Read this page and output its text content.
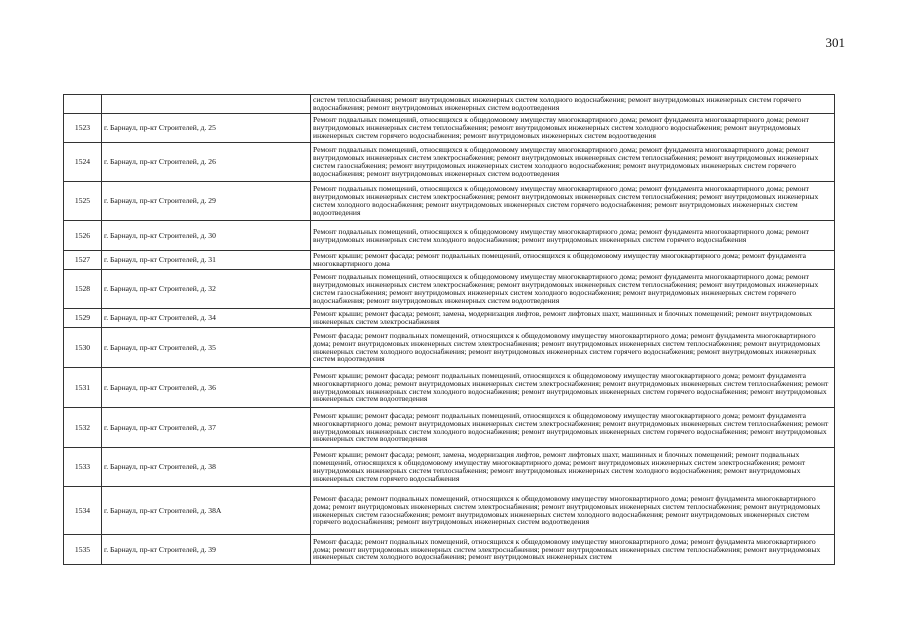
301
		систем теплоснабжения; ремонт внутридомовых инженерных систем холодного водоснабжения; ремонт внутридомовых инженерных систем горячего водоснабжения; ремонт внутридомовых инженерных систем водоотведения
1523	г. Барнаул, пр-кт Строителей, д. 25	Ремонт подвальных помещений, относящихся к общедомовому имуществу многоквартирного дома; ремонт фундамента многоквартирного дома; ремонт внутридомовых инженерных систем теплоснабжения; ремонт внутридомовых инженерных систем холодного водоснабжения; ремонт внутридомовых инженерных систем горячего водоснабжения; ремонт внутридомовых инженерных систем водоотведения
1524	г. Барнаул, пр-кт Строителей, д. 26	Ремонт подвальных помещений, относящихся к общедомовому имуществу многоквартирного дома; ремонт фундамента многоквартирного дома; ремонт внутридомовых инженерных систем электроснабжения; ремонт внутридомовых инженерных систем теплоснабжения; ремонт внутридомовых инженерных систем газоснабжения; ремонт внутридомовых инженерных систем холодного водоснабжения; ремонт внутридомовых инженерных систем горячего водоснабжения; ремонт внутридомовых инженерных систем водоотведения
1525	г. Барнаул, пр-кт Строителей, д. 29	Ремонт подвальных помещений, относящихся к общедомовому имуществу многоквартирного дома; ремонт фундамента многоквартирного дома; ремонт внутридомовых инженерных систем электроснабжения; ремонт внутридомовых инженерных систем теплоснабжения; ремонт внутридомовых инженерных систем холодного водоснабжения; ремонт внутридомовых инженерных систем горячего водоснабжения; ремонт внутридомовых инженерных систем водоотведения
1526	г. Барнаул, пр-кт Строителей, д. 30	Ремонт подвальных помещений, относящихся к общедомовому имуществу многоквартирного дома; ремонт фундамента многоквартирного дома; ремонт внутридомовых инженерных систем холодного водоснабжения; ремонт внутридомовых инженерных систем горячего водоснабжения
1527	г. Барнаул, пр-кт Строителей, д. 31	Ремонт крыши; ремонт фасада; ремонт подвальных помещений, относящихся к общедомовому имуществу многоквартирного дома; ремонт фундамента многоквартирного дома
1528	г. Барнаул, пр-кт Строителей, д. 32	Ремонт подвальных помещений, относящихся к общедомовому имуществу многоквартирного дома; ремонт фундамента многоквартирного дома; ремонт внутридомовых инженерных систем электроснабжения; ремонт внутридомовых инженерных систем теплоснабжения; ремонт внутридомовых инженерных систем газоснабжения; ремонт внутридомовых инженерных систем холодного водоснабжения; ремонт внутридомовых инженерных систем горячего водоснабжения; ремонт внутридомовых инженерных систем водоотведения
1529	г. Барнаул, пр-кт Строителей, д. 34	Ремонт крыши; ремонт фасада; ремонт, замена, модернизация лифтов, ремонт лифтовых шахт, машинных и блочных помещений; ремонт внутридомовых инженерных систем электроснабжения
1530	г. Барнаул, пр-кт Строителей, д. 35	Ремонт фасада; ремонт подвальных помещений, относящихся к общедомовому имуществу многоквартирного дома; ремонт фундамента многоквартирного дома; ремонт внутридомовых инженерных систем электроснабжения; ремонт внутридомовых инженерных систем теплоснабжения; ремонт внутридомовых инженерных систем холодного водоснабжения; ремонт внутридомовых инженерных систем горячего водоснабжения; ремонт внутридомовых инженерных систем водоотведения
1531	г. Барнаул, пр-кт Строителей, д. 36	Ремонт крыши; ремонт фасада; ремонт подвальных помещений, относящихся к общедомовому имуществу многоквартирного дома; ремонт фундамента многоквартирного дома; ремонт внутридомовых инженерных систем электроснабжения; ремонт внутридомовых инженерных систем теплоснабжения; ремонт внутридомовых инженерных систем холодного водоснабжения; ремонт внутридомовых инженерных систем горячего водоснабжения; ремонт внутридомовых инженерных систем водоотведения
1532	г. Барнаул, пр-кт Строителей, д. 37	Ремонт крыши; ремонт фасада; ремонт подвальных помещений, относящихся к общедомовому имуществу многоквартирного дома; ремонт фундамента многоквартирного дома; ремонт внутридомовых инженерных систем электроснабжения; ремонт внутридомовых инженерных систем теплоснабжения; ремонт внутридомовых инженерных систем холодного водоснабжения; ремонт внутридомовых инженерных систем горячего водоснабжения; ремонт внутридомовых инженерных систем водоотведения
1533	г. Барнаул, пр-кт Строителей, д. 38	Ремонт крыши; ремонт фасада; ремонт, замена, модернизация лифтов, ремонт лифтовых шахт, машинных и блочных помещений; ремонт подвальных помещений, относящихся к общедомовому имуществу многоквартирного дома; ремонт внутридомовых инженерных систем электроснабжения; ремонт внутридомовых инженерных систем теплоснабжения; ремонт внутридомовых инженерных систем холодного водоснабжения; ремонт внутридомовых инженерных систем горячего водоснабжения
1534	г. Барнаул, пр-кт Строителей, д. 38А	Ремонт фасада; ремонт подвальных помещений, относящихся к общедомовому имуществу многоквартирного дома; ремонт фундамента многоквартирного дома; ремонт внутридомовых инженерных систем электроснабжения; ремонт внутридомовых инженерных систем теплоснабжения; ремонт внутридомовых инженерных систем газоснабжения; ремонт внутридомовых инженерных систем холодного водоснабжения; ремонт внутридомовых инженерных систем горячего водоснабжения; ремонт внутридомовых инженерных систем водоотведения
1535	г. Барнаул, пр-кт Строителей, д. 39	Ремонт фасада; ремонт подвальных помещений, относящихся к общедомовому имуществу многоквартирного дома; ремонт фундамента многоквартирного дома; ремонт внутридомовых инженерных систем электроснабжения; ремонт внутридомовых инженерных систем теплоснабжения; ремонт внутридомовых инженерных систем холодного водоснабжения; ремонт внутридомовых инженерных систем
